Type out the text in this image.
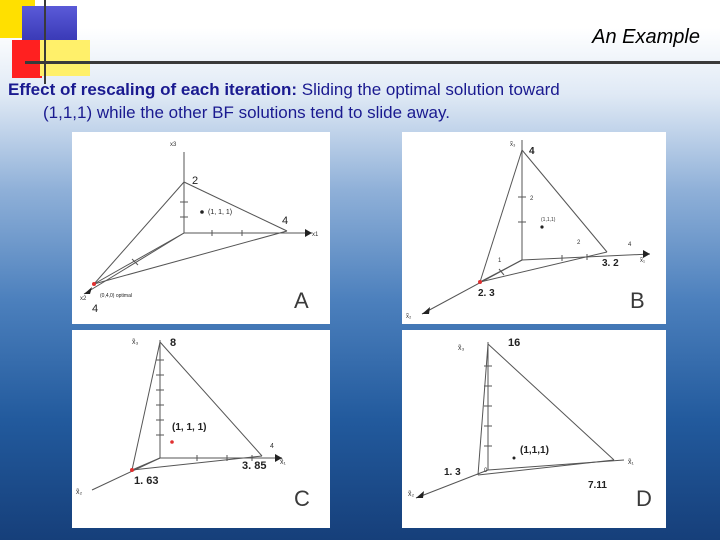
An Example
Effect of rescaling of each iteration: Sliding the optimal solution toward
(1,1,1) while the other BF solutions tend to slide away.
x3
x1
x2
2
4
4
(1, 1, 1)
(0,4,0) optimal	A
x̃₃
x̃₁
x̃₂
4
3. 2
2. 3
2
2	4
1
(1,1,1)
B
x̃₃
x̃₁
x̃₂
8
3. 85
1. 63
4
(1, 1, 1)
C
x̃₃
x̃₁
x̃₂
16
7.11
1. 3	0
(1,1,1)
D
